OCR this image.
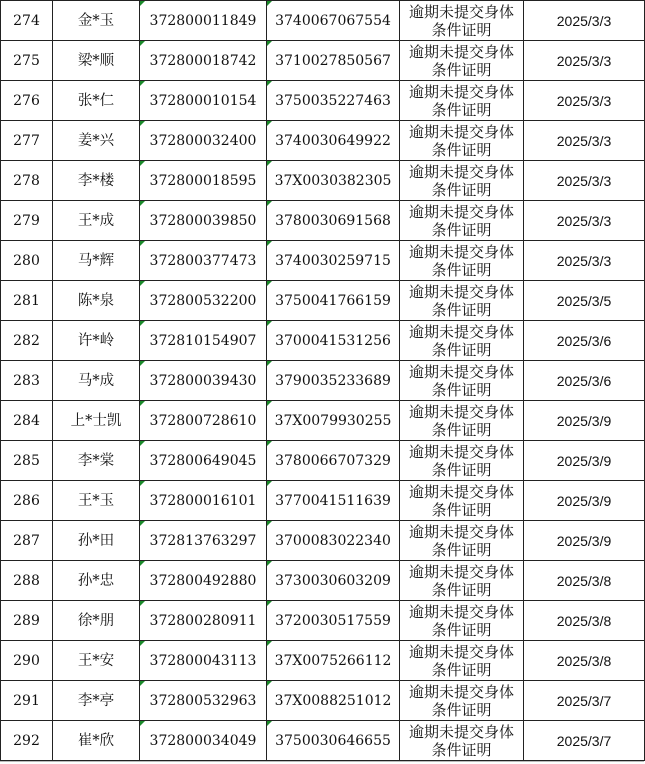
274	金*玉	372800011849	3740067067554	逾期未提交身体条件证明	2025/3/3
275	梁*顺	372800018742	3710027850567	逾期未提交身体条件证明	2025/3/3
276	张*仁	372800010154	3750035227463	逾期未提交身体条件证明	2025/3/3
277	姜*兴	372800032400	3740030649922	逾期未提交身体条件证明	2025/3/3
278	李*楼	372800018595	37X0030382305	逾期未提交身体条件证明	2025/3/3
279	王*成	372800039850	3780030691568	逾期未提交身体条件证明	2025/3/3
280	马*辉	372800377473	3740030259715	逾期未提交身体条件证明	2025/3/3
281	陈*泉	372800532200	3750041766159	逾期未提交身体条件证明	2025/3/5
282	许*岭	372810154907	3700041531256	逾期未提交身体条件证明	2025/3/6
283	马*成	372800039430	3790035233689	逾期未提交身体条件证明	2025/3/6
284	上*士凯	372800728610	37X0079930255	逾期未提交身体条件证明	2025/3/9
285	李*棠	372800649045	3780066707329	逾期未提交身体条件证明	2025/3/9
286	王*玉	372800016101	3770041511639	逾期未提交身体条件证明	2025/3/9
287	孙*田	372813763297	3700083022340	逾期未提交身体条件证明	2025/3/9
288	孙*忠	372800492880	3730030603209	逾期未提交身体条件证明	2025/3/8
289	徐*朋	372800280911	3720030517559	逾期未提交身体条件证明	2025/3/8
290	王*安	372800043113	37X0075266112	逾期未提交身体条件证明	2025/3/8
291	李*亭	372800532963	37X0088251012	逾期未提交身体条件证明	2025/3/7
292	崔*欣	372800034049	3750030646655	逾期未提交身体条件证明	2025/3/7
